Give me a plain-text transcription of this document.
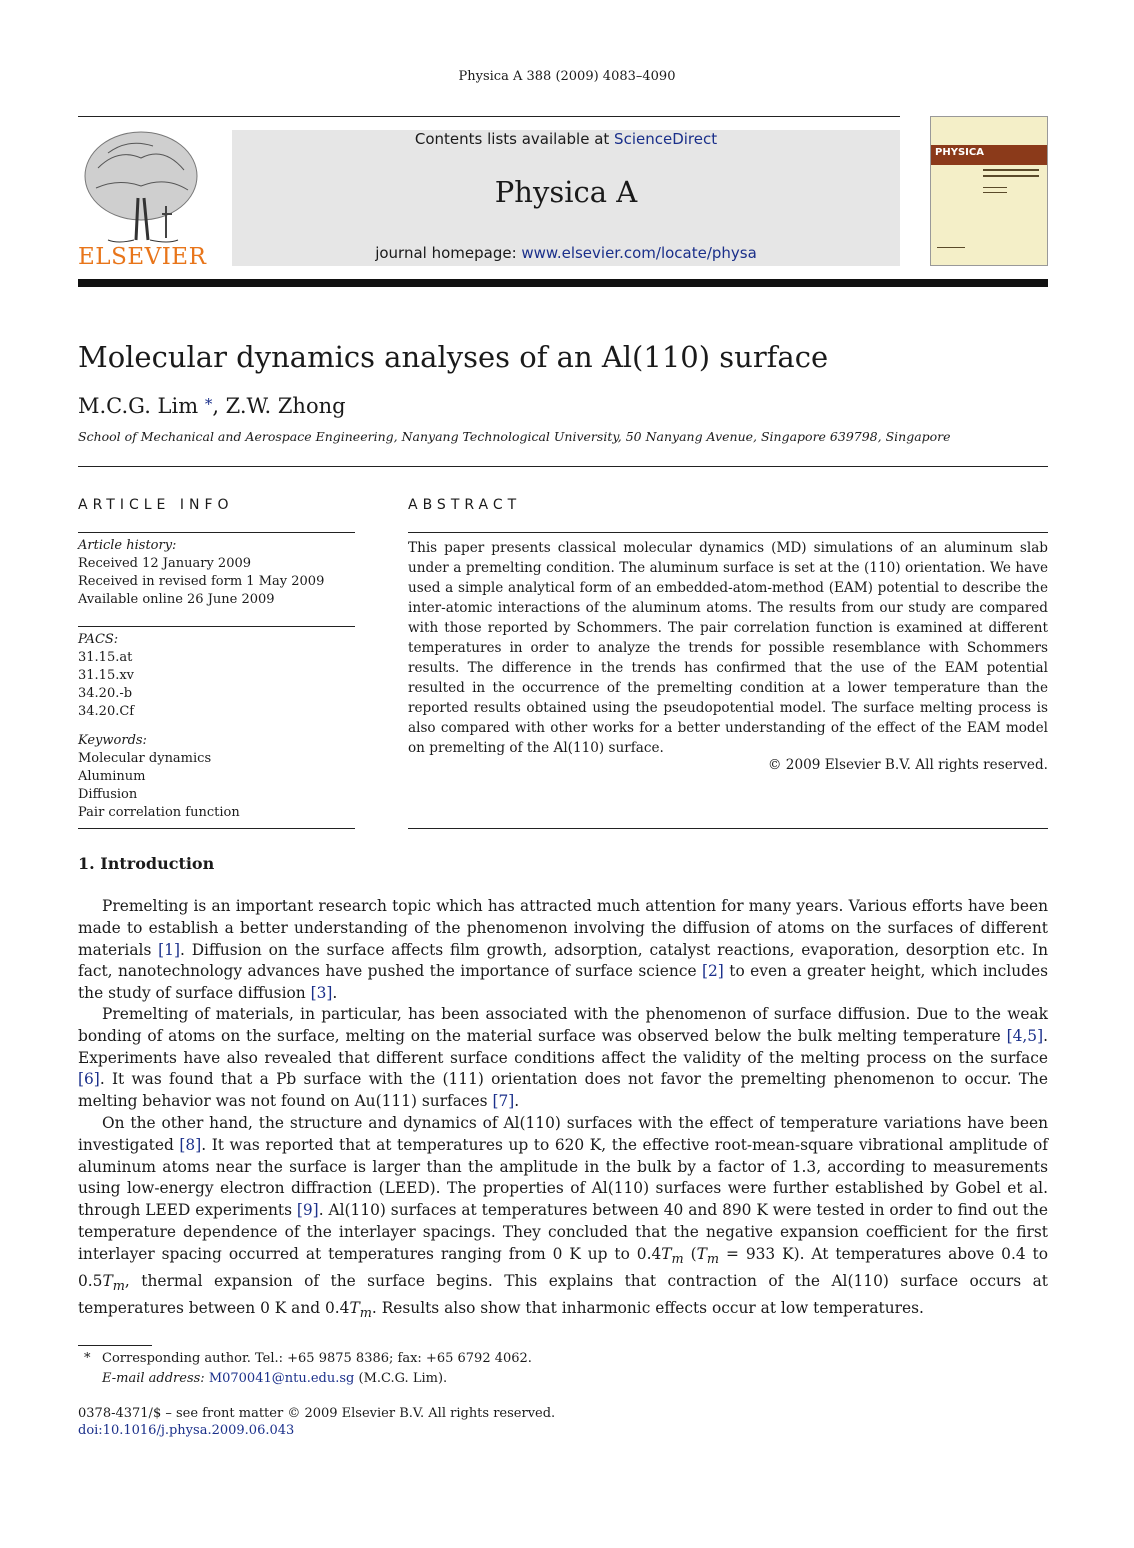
Physica A 388 (2009) 4083–4090
ELSEVIER
Contents lists available at ScienceDirect
Physica A
journal homepage: www.elsevier.com/locate/physa
PHYSICA
Molecular dynamics analyses of an Al(110) surface
M.C.G. Lim *, Z.W. Zhong
School of Mechanical and Aerospace Engineering, Nanyang Technological University, 50 Nanyang Avenue, Singapore 639798, Singapore
ARTICLE INFO
Article history:
Received 12 January 2009
Received in revised form 1 May 2009
Available online 26 June 2009
PACS:
31.15.at
31.15.xv
34.20.-b
34.20.Cf
Keywords:
Molecular dynamics
Aluminum
Diffusion
Pair correlation function
ABSTRACT
This paper presents classical molecular dynamics (MD) simulations of an aluminum slab under a premelting condition. The aluminum surface is set at the (110) orientation. We have used a simple analytical form of an embedded-atom-method (EAM) potential to describe the inter-atomic interactions of the aluminum atoms. The results from our study are compared with those reported by Schommers. The pair correlation function is examined at different temperatures in order to analyze the trends for possible resemblance with Schommers results. The difference in the trends has confirmed that the use of the EAM potential resulted in the occurrence of the premelting condition at a lower temperature than the reported results obtained using the pseudopotential model. The surface melting process is also compared with other works for a better understanding of the effect of the EAM model on premelting of the Al(110) surface.
© 2009 Elsevier B.V. All rights reserved.
1. Introduction
Premelting is an important research topic which has attracted much attention for many years. Various efforts have been made to establish a better understanding of the phenomenon involving the diffusion of atoms on the surfaces of different materials [1]. Diffusion on the surface affects film growth, adsorption, catalyst reactions, evaporation, desorption etc. In fact, nanotechnology advances have pushed the importance of surface science [2] to even a greater height, which includes the study of surface diffusion [3].
Premelting of materials, in particular, has been associated with the phenomenon of surface diffusion. Due to the weak bonding of atoms on the surface, melting on the material surface was observed below the bulk melting temperature [4,5]. Experiments have also revealed that different surface conditions affect the validity of the melting process on the surface [6]. It was found that a Pb surface with the (111) orientation does not favor the premelting phenomenon to occur. The melting behavior was not found on Au(111) surfaces [7].
On the other hand, the structure and dynamics of Al(110) surfaces with the effect of temperature variations have been investigated [8]. It was reported that at temperatures up to 620 K, the effective root-mean-square vibrational amplitude of aluminum atoms near the surface is larger than the amplitude in the bulk by a factor of 1.3, according to measurements using low-energy electron diffraction (LEED). The properties of Al(110) surfaces were further established by Gobel et al. through LEED experiments [9]. Al(110) surfaces at temperatures between 40 and 890 K were tested in order to find out the temperature dependence of the interlayer spacings. They concluded that the negative expansion coefficient for the first interlayer spacing occurred at temperatures ranging from 0 K up to $0.4T_m$ ($T_m = 933$ K). At temperatures above 0.4 to $0.5T_m$, thermal expansion of the surface begins. This explains that contraction of the Al(110) surface occurs at temperatures between 0 K and $0.4T_m$. Results also show that inharmonic effects occur at low temperatures.
* Corresponding author. Tel.: +65 9875 8386; fax: +65 6792 4062.
E-mail address: M070041@ntu.edu.sg (M.C.G. Lim).
0378-4371/$ – see front matter © 2009 Elsevier B.V. All rights reserved.
doi:10.1016/j.physa.2009.06.043
